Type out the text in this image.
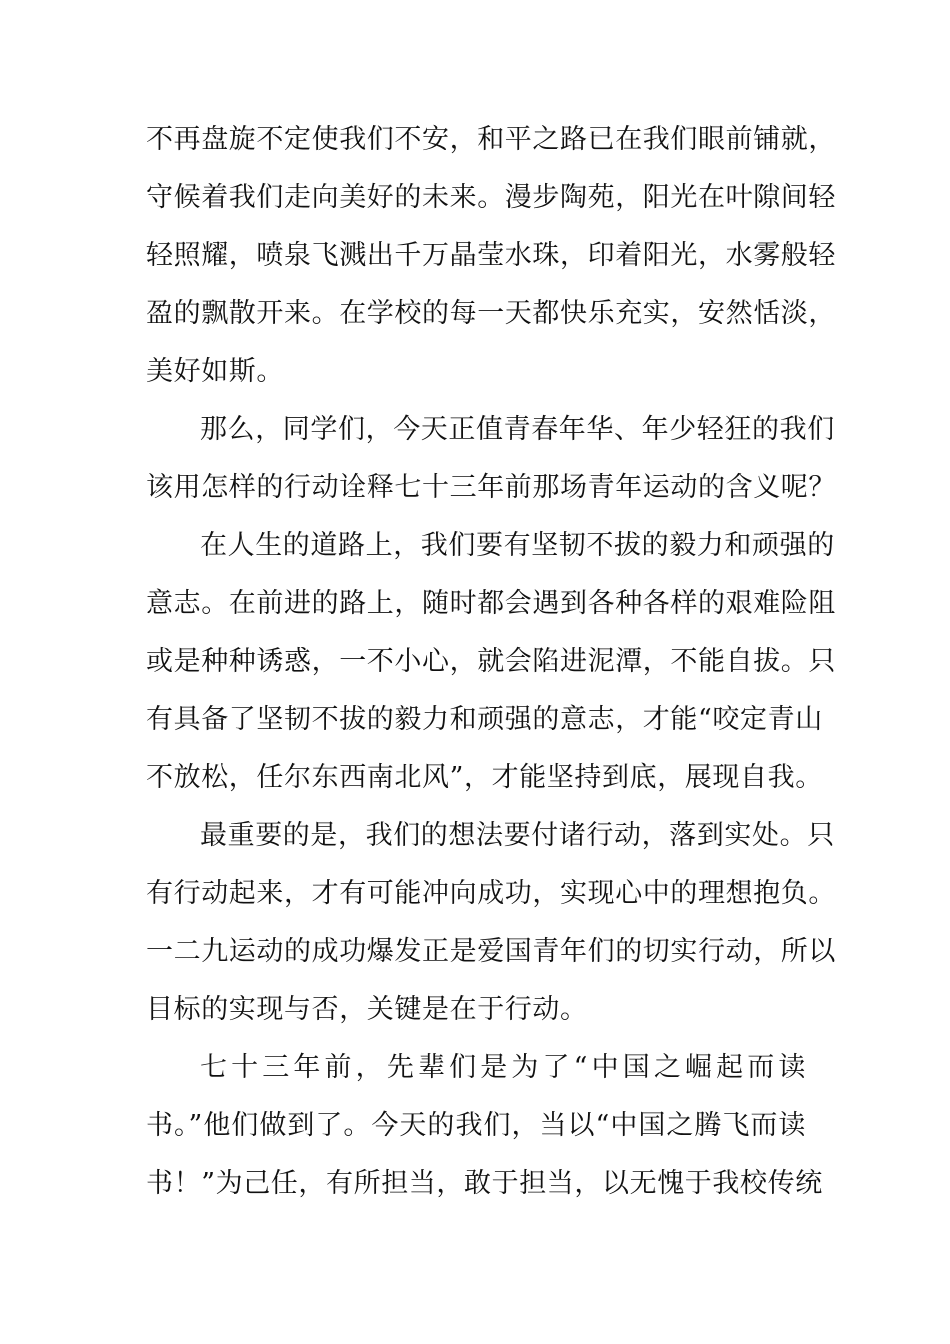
不再盘旋不定使我们不安，和平之路已在我们眼前铺就，
守候着我们走向美好的未来。漫步陶苑，阳光在叶隙间轻
轻照耀，喷泉飞溅出千万晶莹水珠，印着阳光，水雾般轻
盈的飘散开来。在学校的每一天都快乐充实，安然恬淡，
美好如斯。
那么，同学们，今天正值青春年华、年少轻狂的我们
该用怎样的行动诠释七十三年前那场青年运动的含义呢？
在人生的道路上，我们要有坚韧不拔的毅力和顽强的
意志。在前进的路上，随时都会遇到各种各样的艰难险阻
或是种种诱惑，一不小心，就会陷进泥潭，不能自拔。只
有具备了坚韧不拔的毅力和顽强的意志，才能“咬定青山
不放松，任尔东西南北风”，才能坚持到底，展现自我。
最重要的是，我们的想法要付诸行动，落到实处。只
有行动起来，才有可能冲向成功，实现心中的理想抱负。
一二九运动的成功爆发正是爱国青年们的切实行动，所以
目标的实现与否，关键是在于行动。
七十三年前，先辈们是为了“中国之崛起而读
书。”他们做到了。今天的我们，当以“中国之腾飞而读
书！”为己任，有所担当，敢于担当，以无愧于我校传统
